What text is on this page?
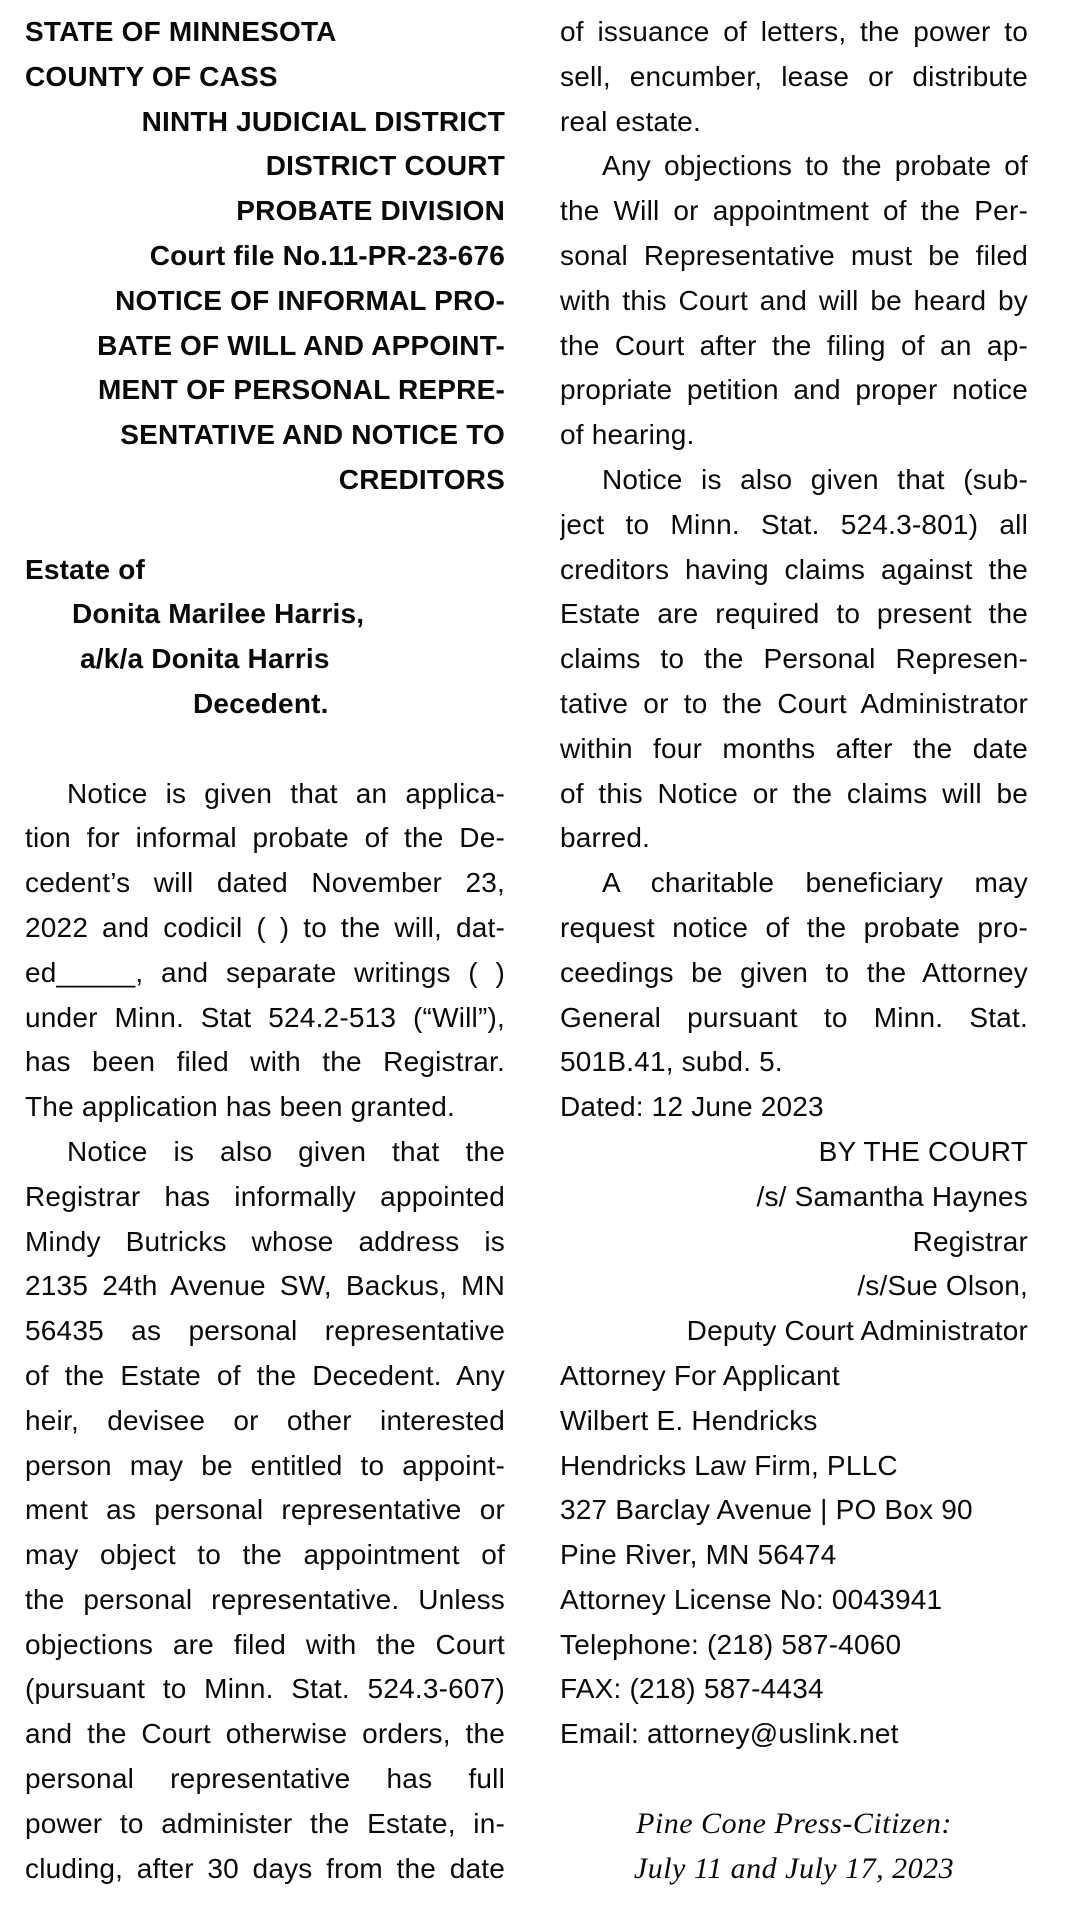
STATE OF MINNESOTA
COUNTY OF CASS
NINTH JUDICIAL DISTRICT
DISTRICT COURT
PROBATE DIVISION
Court file No.11-PR-23-676
NOTICE OF INFORMAL PRO-
BATE OF WILL AND APPOINT-
MENT OF PERSONAL REPRE-
SENTATIVE AND NOTICE TO
CREDITORS
Estate of
Donita Marilee Harris,
a/k/a Donita Harris
Decedent.
Notice is given that an applica-
tion for informal probate of the De-
cedent’s will dated November 23,
2022 and codicil ( ) to the will, dat-
ed_____, and separate writings ( )
under Minn. Stat 524.2-513 (“Will”),
has been filed with the Registrar.
The application has been granted.
Notice is also given that the
Registrar has informally appointed
Mindy Butricks whose address is
2135 24th Avenue SW, Backus, MN
56435 as personal representative
of the Estate of the Decedent. Any
heir, devisee or other interested
person may be entitled to appoint-
ment as personal representative or
may object to the appointment of
the personal representative. Unless
objections are filed with the Court
(pursuant to Minn. Stat. 524.3-607)
and the Court otherwise orders, the
personal representative has full
power to administer the Estate, in-
cluding, after 30 days from the date
of issuance of letters, the power to
sell, encumber, lease or distribute
real estate.
Any objections to the probate of
the Will or appointment of the Per-
sonal Representative must be filed
with this Court and will be heard by
the Court after the filing of an ap-
propriate petition and proper notice
of hearing.
Notice is also given that (sub-
ject to Minn. Stat. 524.3-801) all
creditors having claims against the
Estate are required to present the
claims to the Personal Represen-
tative or to the Court Administrator
within four months after the date
of this Notice or the claims will be
barred.
A charitable beneficiary may
request notice of the probate pro-
ceedings be given to the Attorney
General pursuant to Minn. Stat.
501B.41, subd. 5.
Dated: 12 June 2023
BY THE COURT
/s/ Samantha Haynes
Registrar
/s/Sue Olson,
Deputy Court Administrator
Attorney For Applicant
Wilbert E. Hendricks
Hendricks Law Firm, PLLC
327 Barclay Avenue | PO Box 90
Pine River, MN 56474
Attorney License No: 0043941
Telephone: (218) 587-4060
FAX: (218) 587-4434
Email: attorney@uslink.net
Pine Cone Press-Citizen:
July 11 and July 17, 2023
